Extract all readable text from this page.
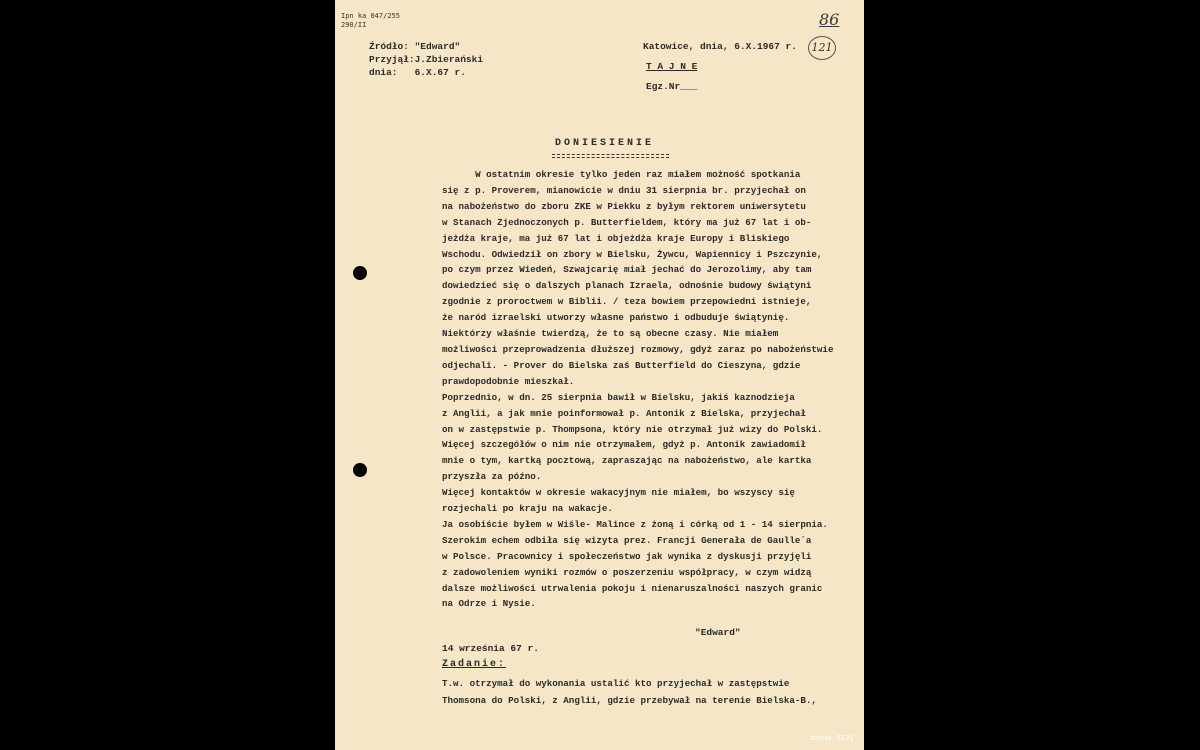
Ipn ka 047/255
290/II	86
121
Źródło: "Edward"
Przyjął:J.Zbierański
dnia:   6.X.67 r.
Katowice, dnia, 6.X.1967 r.
T A J N E
Egz.Nr___
DONIESIENIE
W ostatnim okresie tylko jeden raz miałem możność spotkania
się z p. Proverem, mianowicie w dniu 31 sierpnia br. przyjechał on
na nabożeństwo do zboru ZKE w Piekku z byłym rektorem uniwersytetu
w Stanach Zjednoczonych p. Butterfieldem, który ma już 67 lat i ob-
jeżdża kraje, ma już 67 lat i objeżdża kraje Europy i Bliskiego
Wschodu. Odwiedził on zbory w Bielsku, Żywcu, Wapiennicy i Pszczynie,
po czym przez Wiedeń, Szwajcarię miał jechać do Jerozolimy, aby tam
dowiedzieć się o dalszych planach Izraela, odnośnie budowy świątyni
zgodnie z proroctwem w Biblii. / teza bowiem przepowiedni istnieje,
że naród izraelski utworzy własne państwo i odbuduje świątynię.
Niektórzy właśnie twierdzą, że to są obecne czasy. Nie miałem
możliwości przeprowadzenia dłuższej rozmowy, gdyż zaraz po nabożeństwie
odjechali. - Prover do Bielska zaś Butterfield do Cieszyna, gdzie
prawdopodobnie mieszkał.
Poprzednio, w dn. 25 sierpnia bawił w Bielsku, jakiś kaznodzieja
z Anglii, a jak mnie poinformował p. Antonik z Bielska, przyjechał
on w zastępstwie p. Thompsona, który nie otrzymał już wizy do Polski.
Więcej szczegółów o nim nie otrzymałem, gdyż p. Antonik zawiadomił
mnie o tym, kartką pocztową, zapraszając na nabożeństwo, ale kartka
przyszła za późno.
Więcej kontaktów w okresie wakacyjnym nie miałem, bo wszyscy się
rozjechali po kraju na wakacje.
Ja osobiście byłem w Wiśle- Malince z żoną i córką od 1 - 14 sierpnia.
Szerokim echem odbiła się wizyta prez. Francji Generała de Gaulle´a
w Polsce. Pracownicy i społeczeństwo jak wynika z dyskusji przyjęli
z zadowoleniem wyniki rozmów o poszerzeniu współpracy, w czym widzą
dalsze możliwości utrwalenia pokoju i nienaruszalności naszych granic
na Odrze i Nysie.
"Edward"
14 września 67 r.
Zadanie:
T.w. otrzymał do wykonania ustalić kto przyjechał w zastępstwie
Thomsona do Polski, z Anglii, gdzie przebywał na terenie Bielska-B.,
strona: 0121
